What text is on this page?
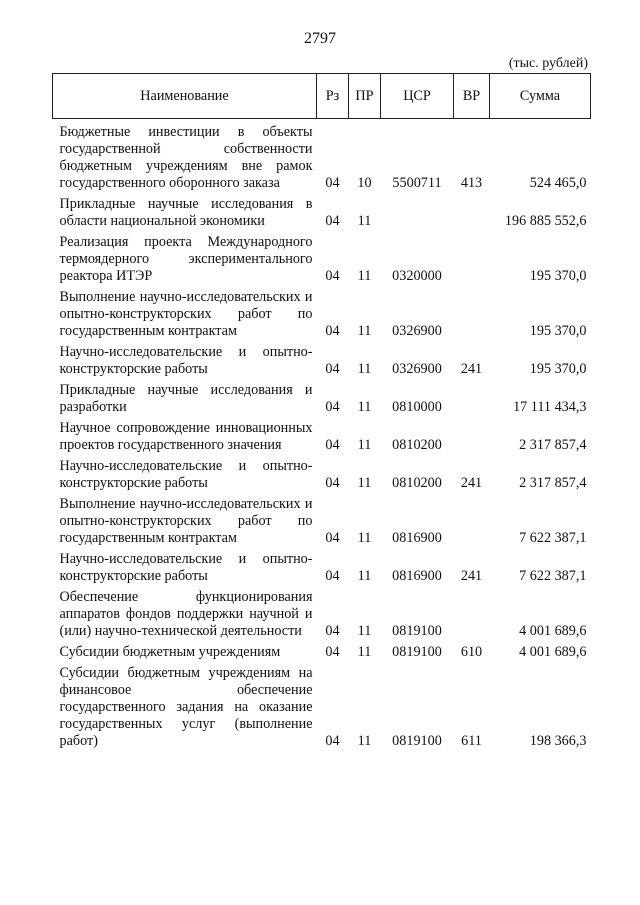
2797
(тыс. рублей)
Наименование	Рз	ПР	ЦСР	ВР	Сумма
Бюджетные инвестиции в объекты государственной собственности бюджетным учреждениям вне рамок государственного оборонного заказа	04	10	5500711	413	524 465,0
Прикладные научные исследования в области национальной экономики	04	11			196 885 552,6
Реализация проекта Международного термоядерного экспериментального реактора ИТЭР	04	11	0320000		195 370,0
Выполнение научно-исследовательских и опытно-конструкторских работ по государственным контрактам	04	11	0326900		195 370,0
Научно-исследовательские и опытно-конструкторские работы	04	11	0326900	241	195 370,0
Прикладные научные исследования и разработки	04	11	0810000		17 111 434,3
Научное сопровождение инновационных проектов государственного значения	04	11	0810200		2 317 857,4
Научно-исследовательские и опытно-конструкторские работы	04	11	0810200	241	2 317 857,4
Выполнение научно-исследовательских и опытно-конструкторских работ по государственным контрактам	04	11	0816900		7 622 387,1
Научно-исследовательские и опытно-конструкторские работы	04	11	0816900	241	7 622 387,1
Обеспечение функционирования аппаратов фондов поддержки научной и (или) научно-технической деятельности	04	11	0819100		4 001 689,6
Субсидии бюджетным учреждениям	04	11	0819100	610	4 001 689,6
Субсидии бюджетным учреждениям на финансовое обеспечение государственного задания на оказание государственных услуг (выполнение работ)	04	11	0819100	611	198 366,3
